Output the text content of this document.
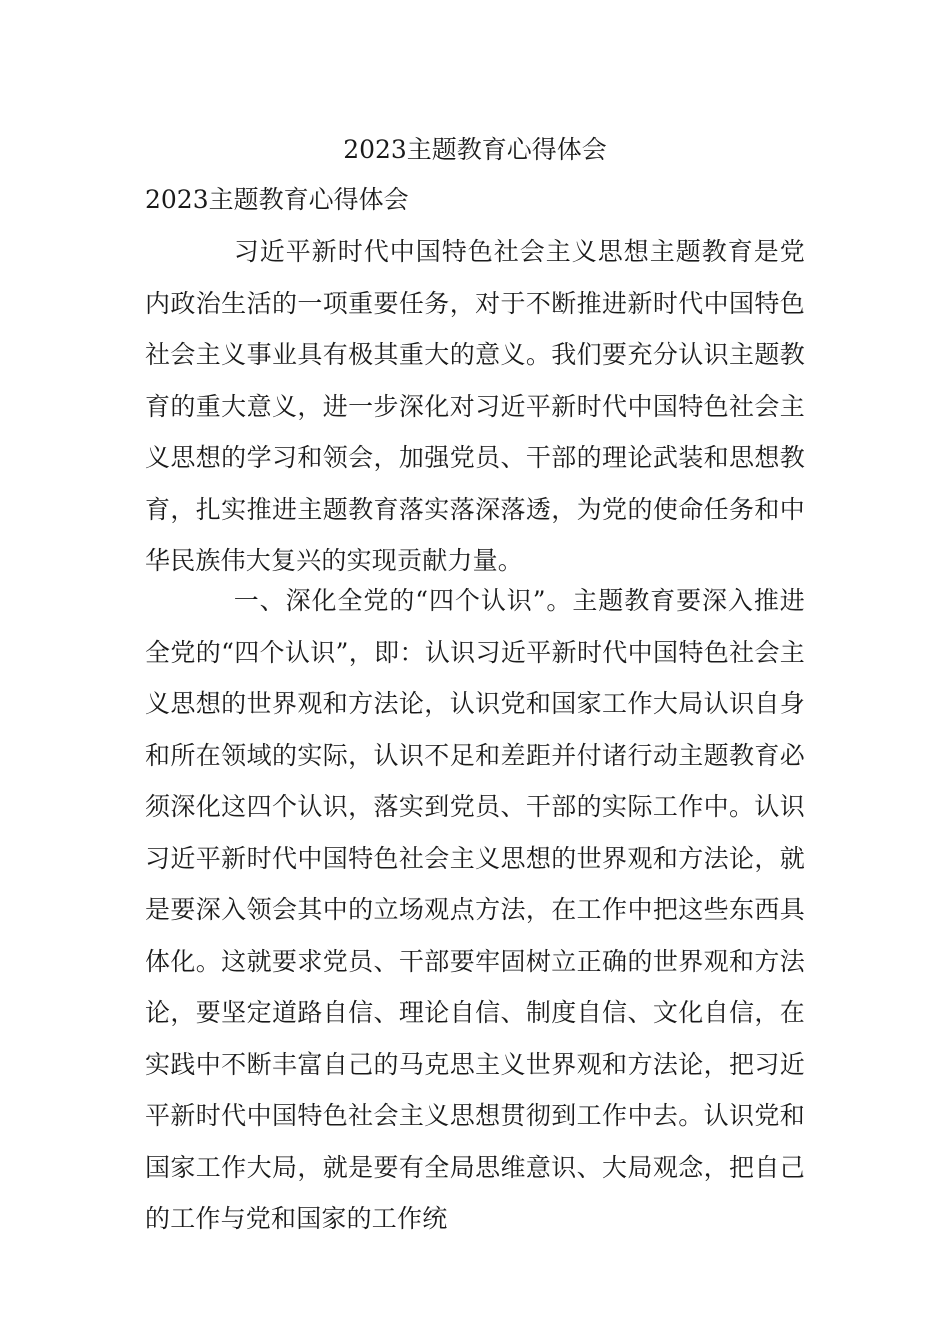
2023主题教育心得体会

2023主题教育心得体会

习近平新时代中国特色社会主义思想主题教育是党内政治生活的一项重要任务，对于不断推进新时代中国特色社会主义事业具有极其重大的意义。我们要充分认识主题教育的重大意义，进一步深化对习近平新时代中国特色社会主义思想的学习和领会，加强党员、干部的理论武装和思想教育，扎实推进主题教育落实落深落透，为党的使命任务和中华民族伟大复兴的实现贡献力量。

一、深化全党的“四个认识”。主题教育要深入推进全党的“四个认识”，即：认识习近平新时代中国特色社会主义思想的世界观和方法论，认识党和国家工作大局认识自身和所在领域的实际，认识不足和差距并付诸行动主题教育必须深化这四个认识，落实到党员、干部的实际工作中。认识习近平新时代中国特色社会主义思想的世界观和方法论，就是要深入领会其中的立场观点方法，在工作中把这些东西具体化。这就要求党员、干部要牢固树立正确的世界观和方法论，要坚定道路自信、理论自信、制度自信、文化自信，在实践中不断丰富自己的马克思主义世界观和方法论，把习近平新时代中国特色社会主义思想贯彻到工作中去。认识党和国家工作大局，就是要有全局思维意识、大局观念，把自己的工作与党和国家的工作统
